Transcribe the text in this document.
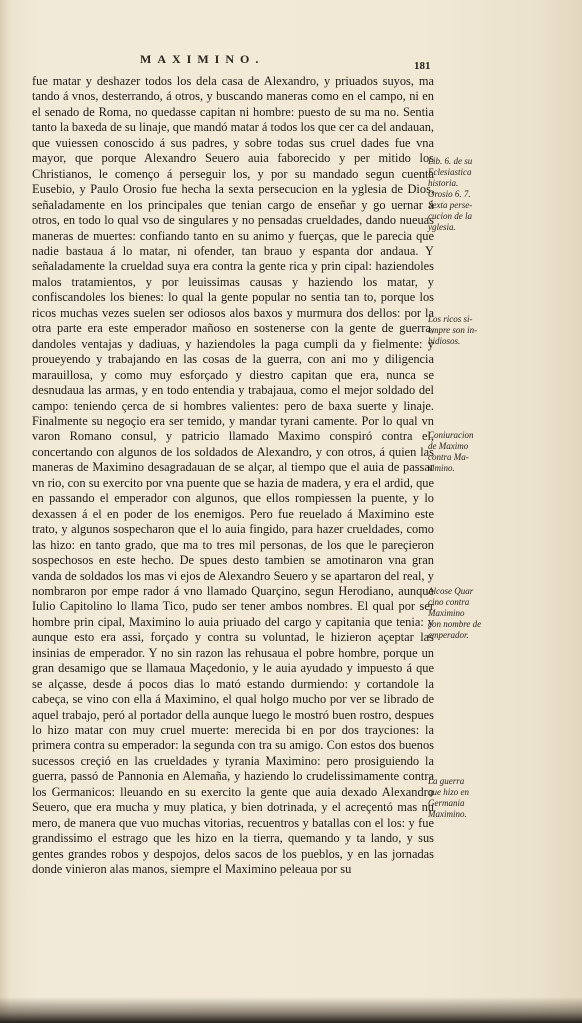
MAXIMINO.	181

fue matar y deshazer todos los dela casa de Alexandro, y priuados suyos, ma tando á vnos, desterrando, á otros, y buscando maneras como en el campo, ni en el senado de Roma, no quedasse capitan ni hombre: puesto de su ma no. Sentia tanto la baxeda de su linaje, que mandó matar á todos los que cer ca del andauan, que vuiessen conoscido á sus padres, y sobre todas sus cruel dades fue vna mayor, que porque Alexandro Seuero auia faborecido y per mitido los Christianos, le començo á perseguir los, y por su mandado segun cuenta Eusebio, y Paulo Orosio fue hecha la sexta persecucion en la yglesia de Dios, señaladamente en los principales que tenian cargo de enseñar y go uernar á otros, en todo lo qual vso de singulares y no pensadas crueldades, dando nueuas maneras de muertes: confiando tanto en su animo y fuerças, que le parecia que nadie bastaua á lo matar, ni ofender, tan brauo y espanta dor andaua. Y señaladamente la crueldad suya era contra la gente rica y prin cipal: haziendoles malos tratamientos, y por leuissimas causas y haziendo los matar, y confiscandoles los bienes: lo qual la gente popular no sentia tan to, porque los ricos muchas vezes suelen ser odiosos alos baxos y murmura dos dellos: por la otra parte era este emperador mañoso en sostenerse con la gente de guerra, dandoles ventajas y dadiuas, y haziendoles la paga cumpli da y fielmente: y proueyendo y trabajando en las cosas de la guerra, con ani mo y diligencia marauillosa, y como muy esforçado y diestro capitan que era, nunca se desnudaua las armas, y en todo entendia y trabajaua, como el mejor soldado del campo: teniendo çerca de si hombres valientes: pero de baxa suerte y linaje. Finalmente su negoçio era ser temido, y mandar tyrani camente. Por lo qual vn varon Romano consul, y patricio llamado Maximo conspiró contra el, concertando con algunos de los soldados de Alexandro, y con otros, á quien las maneras de Maximino desagradauan de se alçar, al tiempo que el auia de passar vn rio, con su exercito por vna puente que se hazia de madera, y era el ardid, que en passando el emperador con algunos, que ellos rompiessen la puente, y lo dexassen á el en poder de los enemigos. Pero fue reuelado á Maximino este trato, y algunos sospecharon que el lo auia fingido, para hazer crueldades, como las hizo: en tanto grado, que ma to tres mil personas, de los que le pareçieron sospechosos en este hecho. De spues desto tambien se amotinaron vna gran vanda de soldados los mas vi ejos de Alexandro Seuero y se apartaron del real, y nombraron por empe rador á vno llamado Quarçino, segun Herodiano, aunque Iulio Capitolino lo llama Tico, pudo ser tener ambos nombres. El qual por ser hombre prin cipal, Maximino lo auia priuado del cargo y capitania que tenia: y aunque esto era assi, forçado y contra su voluntad, le hizieron açeptar las insinias de emperador. Y no sin razon las rehusaua el pobre hombre, porque un gran desamigo que se llamaua Maçedonio, y le auia ayudado y impuesto á que se alçasse, desde á pocos dias lo mató estando durmiendo: y cortandole la cabeça, se vino con ella á Maximino, el qual holgo mucho por ver se librado de aquel trabajo, peró al portador della aunque luego le mostró buen rostro, despues lo hizo matar con muy cruel muerte: merecida bi en por dos trayciones: la primera contra su emperador: la segunda con tra su amigo. Con estos dos buenos sucessos creçió en las crueldades y tyrania Maximino: pero prosiguiendo la guerra, passó de Pannonia en Alemaña, y haziendo lo crudelissimamente contra los Germanicos: lleuando en su exercito la gente que auia dexado Alexandro Seuero, que era mucha y muy platica, y bien dotrinada, y el acreçentó mas nu mero, de manera que vuo muchas vitorias, recuentros y batallas con el los: y fue grandissimo el estrago que les hizo en la tierra, quemando y ta lando, y sus gentes grandes robos y despojos, delos sacos de los pueblos, y en las jornadas donde vinieron alas manos, siempre el Maximino peleaua por su

Lib. 6. de su
Eclesiastica
historia.
Orosio 6. 7.
Sexta perse-
cucion de la
yglesia.
Los ricos si-
empre son in-
bidiosos.
Coniuracion
de Maximo
contra Ma-
ximino.
Alcose Quar
cino contra
Maximino
con nombre de
emperador.
La guerra
que hizo en
Germania
Maximino.
